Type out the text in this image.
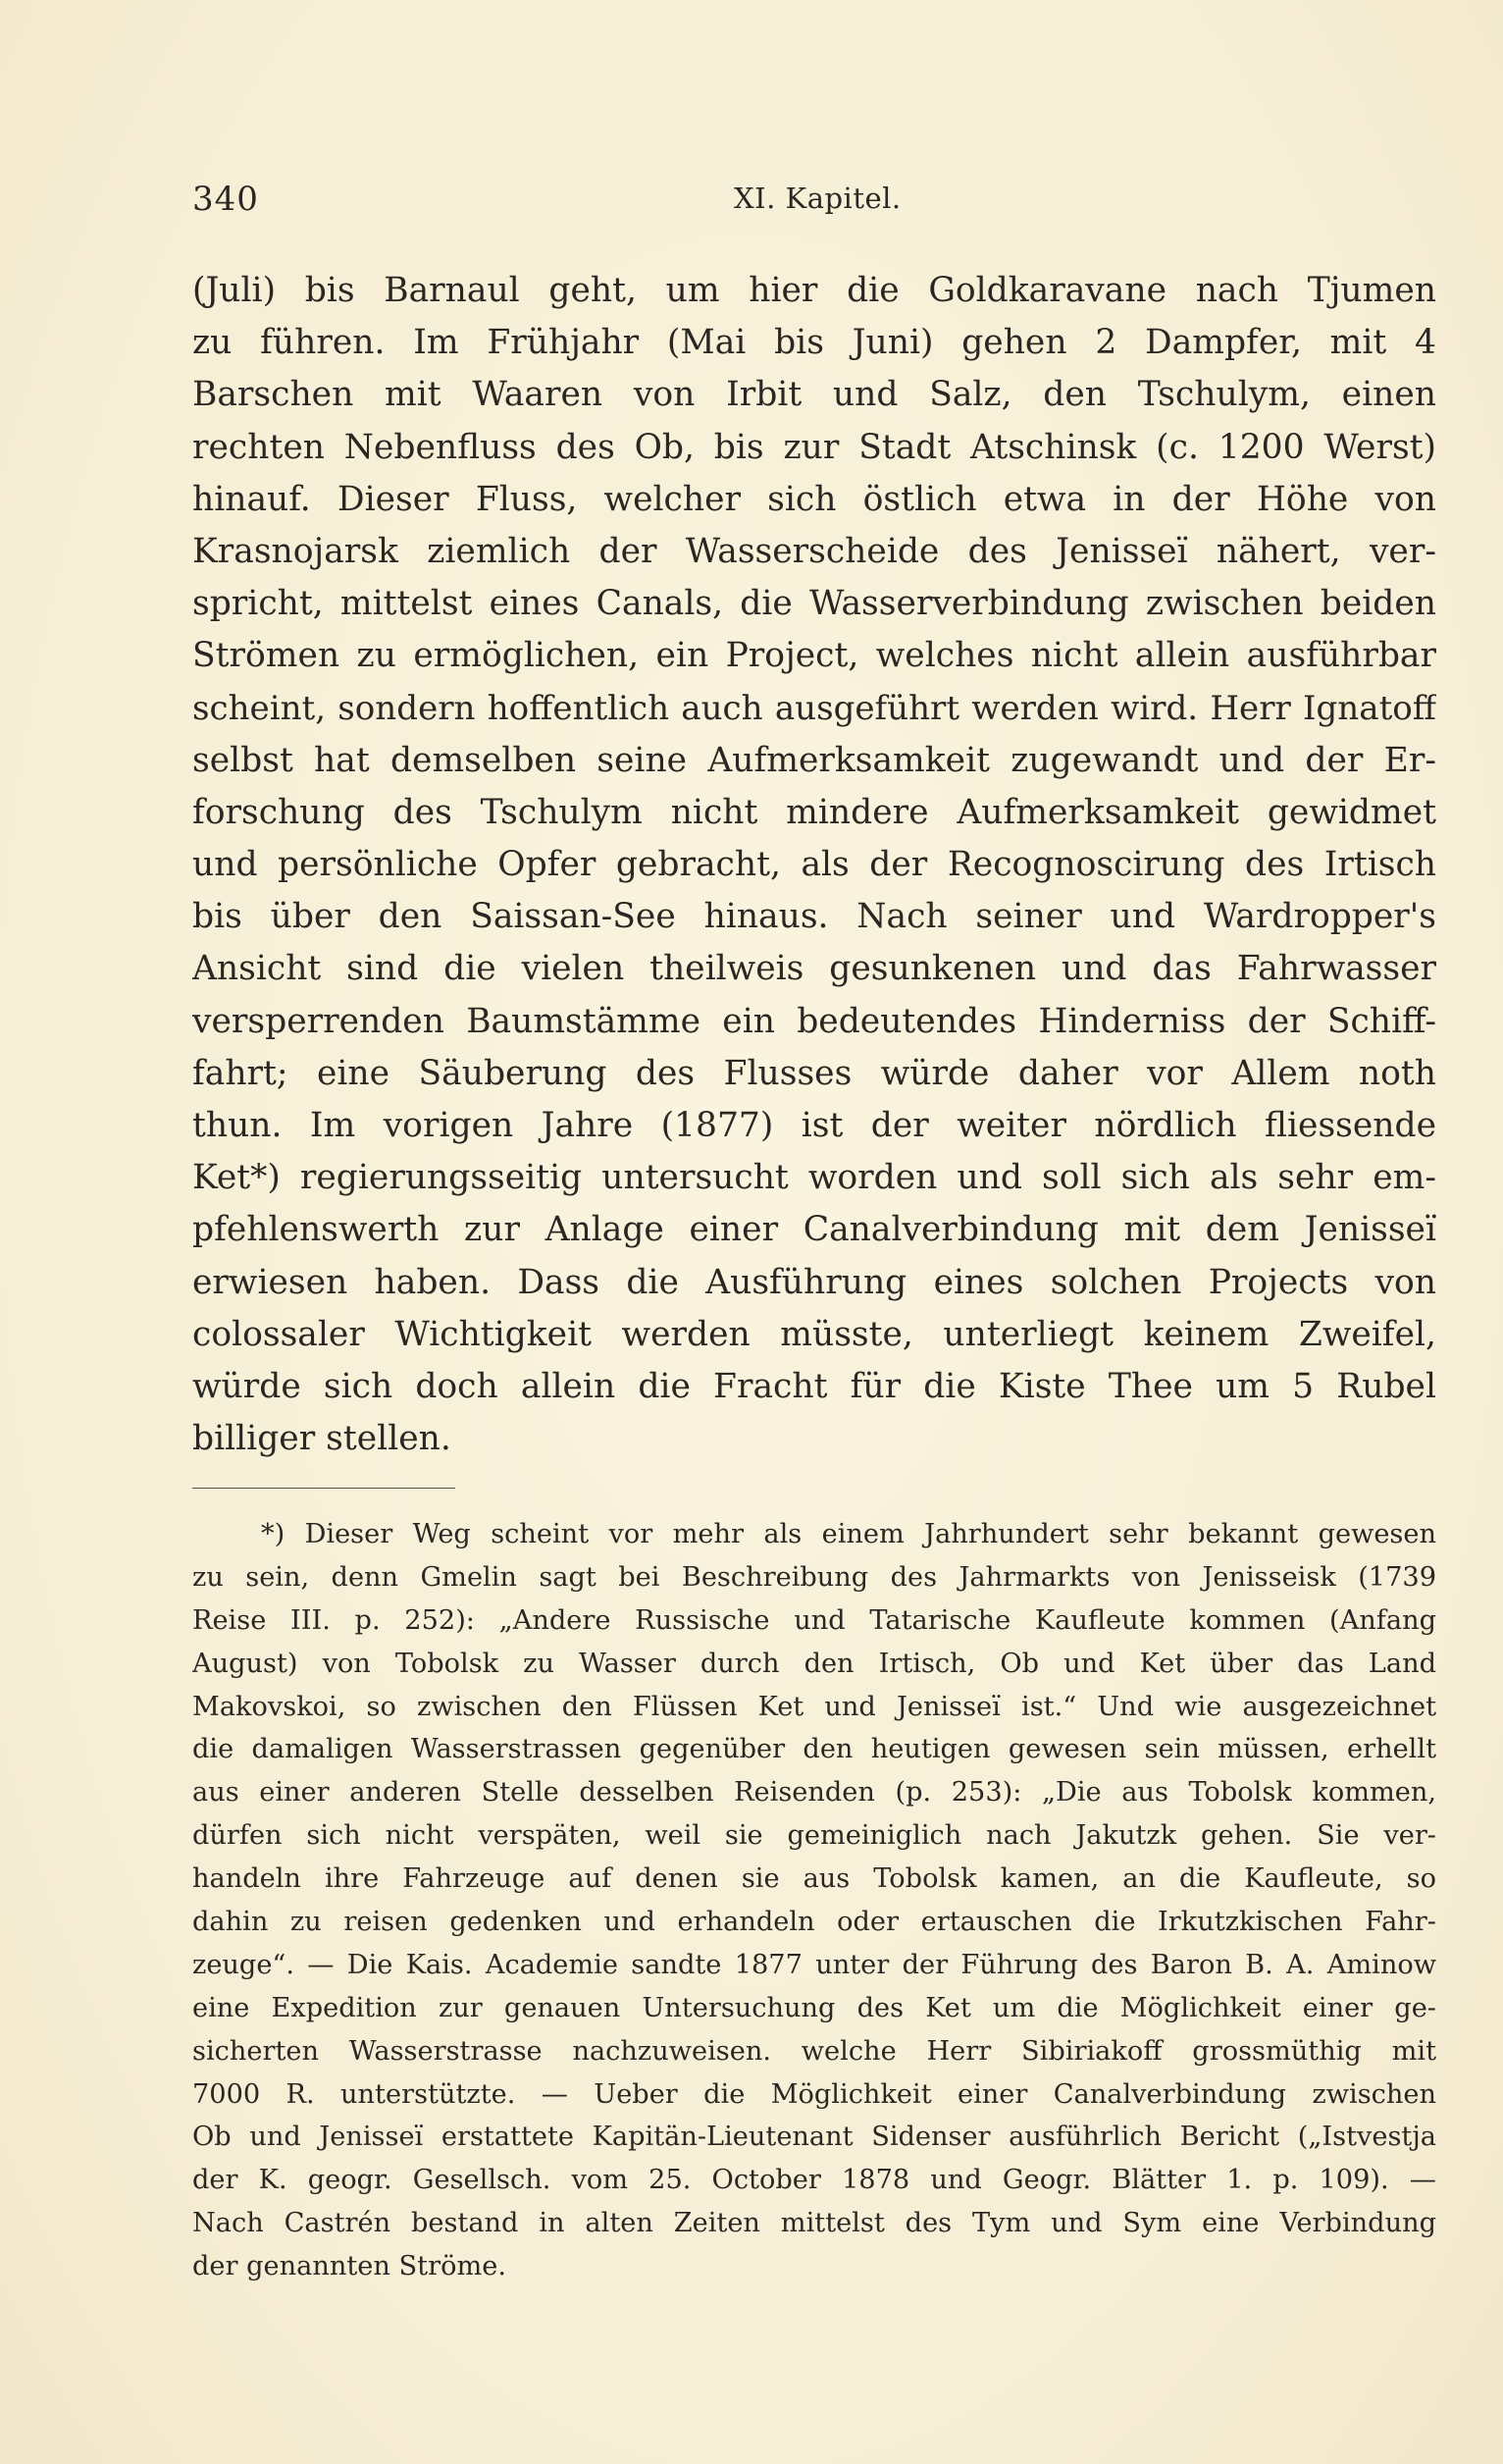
340	XI. Kapitel.
(Juli) bis Barnaul geht, um hier die Goldkaravane nach Tjumen
zu führen. Im Frühjahr (Mai bis Juni) gehen 2 Dampfer, mit 4
Barschen mit Waaren von Irbit und Salz, den Tschulym, einen
rechten Nebenfluss des Ob, bis zur Stadt Atschinsk (c. 1200 Werst)
hinauf. Dieser Fluss, welcher sich östlich etwa in der Höhe von
Krasnojarsk ziemlich der Wasserscheide des Jenisseï nähert, ver-
spricht, mittelst eines Canals, die Wasserverbindung zwischen beiden
Strömen zu ermöglichen, ein Project, welches nicht allein ausführbar
scheint, sondern hoffentlich auch ausgeführt werden wird. Herr Ignatoff
selbst hat demselben seine Aufmerksamkeit zugewandt und der Er-
forschung des Tschulym nicht mindere Aufmerksamkeit gewidmet
und persönliche Opfer gebracht, als der Recognoscirung des Irtisch
bis über den Saissan-See hinaus. Nach seiner und Wardropper's
Ansicht sind die vielen theilweis gesunkenen und das Fahrwasser
versperrenden Baumstämme ein bedeutendes Hinderniss der Schiff-
fahrt; eine Säuberung des Flusses würde daher vor Allem noth
thun. Im vorigen Jahre (1877) ist der weiter nördlich fliessende
Ket*) regierungsseitig untersucht worden und soll sich als sehr em-
pfehlenswerth zur Anlage einer Canalverbindung mit dem Jenisseï
erwiesen haben. Dass die Ausführung eines solchen Projects von
colossaler Wichtigkeit werden müsste, unterliegt keinem Zweifel,
würde sich doch allein die Fracht für die Kiste Thee um 5 Rubel
billiger stellen.
*) Dieser Weg scheint vor mehr als einem Jahrhundert sehr bekannt gewesen
zu sein, denn Gmelin sagt bei Beschreibung des Jahrmarkts von Jenisseisk (1739
Reise III. p. 252): „Andere Russische und Tatarische Kaufleute kommen (Anfang
August) von Tobolsk zu Wasser durch den Irtisch, Ob und Ket über das Land
Makovskoi, so zwischen den Flüssen Ket und Jenisseï ist.“ Und wie ausgezeichnet
die damaligen Wasserstrassen gegenüber den heutigen gewesen sein müssen, erhellt
aus einer anderen Stelle desselben Reisenden (p. 253): „Die aus Tobolsk kommen,
dürfen sich nicht verspäten, weil sie gemeiniglich nach Jakutzk gehen. Sie ver-
handeln ihre Fahrzeuge auf denen sie aus Tobolsk kamen, an die Kaufleute, so
dahin zu reisen gedenken und erhandeln oder ertauschen die Irkutzkischen Fahr-
zeuge“. — Die Kais. Academie sandte 1877 unter der Führung des Baron B. A. Aminow
eine Expedition zur genauen Untersuchung des Ket um die Möglichkeit einer ge-
sicherten Wasserstrasse nachzuweisen. welche Herr Sibiriakoff grossmüthig mit
7000 R. unterstützte. — Ueber die Möglichkeit einer Canalverbindung zwischen
Ob und Jenisseï erstattete Kapitän-Lieutenant Sidenser ausführlich Bericht („Istvestja
der K. geogr. Gesellsch. vom 25. October 1878 und Geogr. Blätter 1. p. 109). —
Nach Castrén bestand in alten Zeiten mittelst des Tym und Sym eine Verbindung
der genannten Ströme.
